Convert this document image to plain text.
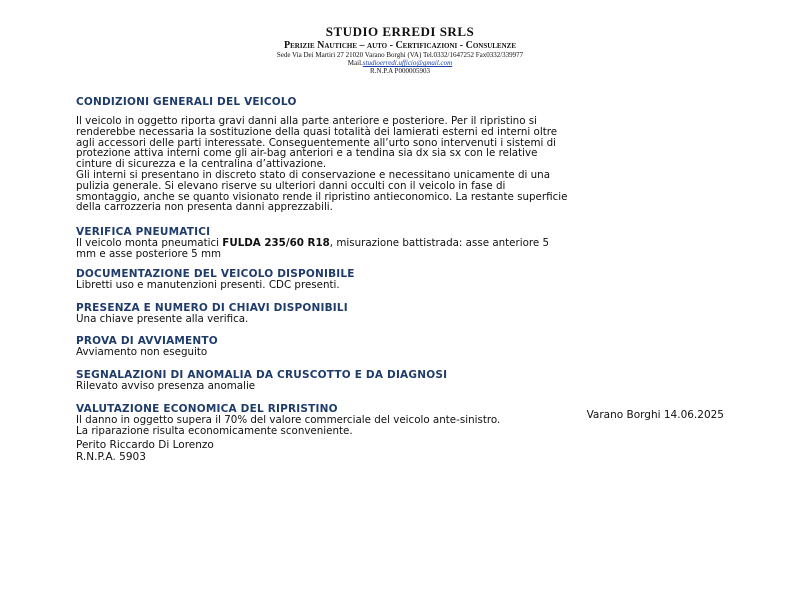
STUDIO ERREDI SRLS
Perizie Nautiche – auto - Certificazioni - Consulenze
Sede Via Dei Martiri 27 21020 Varano Borghi (VA) Tel.0332/1647252 Fax0332/339977
Mail.studioerredi.ufficio@gmail.com
R.N.P.A P000005903
CONDIZIONI GENERALI DEL VEICOLO
Il veicolo in oggetto riporta gravi danni alla parte anteriore e posteriore. Per il ripristino si
renderebbe necessaria la sostituzione della quasi totalità dei lamierati esterni ed interni oltre
agli accessori delle parti interessate. Conseguentemente all’urto sono intervenuti i sistemi di
protezione attiva interni come gli air-bag anteriori e a tendina sia dx sia sx con le relative
cinture di sicurezza e la centralina d’attivazione.
Gli interni si presentano in discreto stato di conservazione e necessitano unicamente di una
pulizia generale. Si elevano riserve su ulteriori danni occulti con il veicolo in fase di
smontaggio, anche se quanto visionato rende il ripristino antieconomico. La restante superficie
della carrozzeria non presenta danni apprezzabili.
VERIFICA PNEUMATICI
Il veicolo monta pneumatici FULDA 235/60 R18, misurazione battistrada: asse anteriore 5
mm e asse posteriore 5 mm
DOCUMENTAZIONE DEL VEICOLO DISPONIBILE
Libretti uso e manutenzioni presenti. CDC presenti.
PRESENZA E NUMERO DI CHIAVI DISPONIBILI
Una chiave presente alla verifica.
PROVA DI AVVIAMENTO
Avviamento non eseguito
SEGNALAZIONI DI ANOMALIA DA CRUSCOTTO E DA DIAGNOSI
Rilevato avviso presenza anomalie
VALUTAZIONE ECONOMICA DEL RIPRISTINO
Il danno in oggetto supera il 70% del valore commerciale del veicolo ante-sinistro.
La riparazione risulta economicamente sconveniente.
Varano Borghi 14.06.2025
Perito Riccardo Di Lorenzo
R.N.P.A. 5903
